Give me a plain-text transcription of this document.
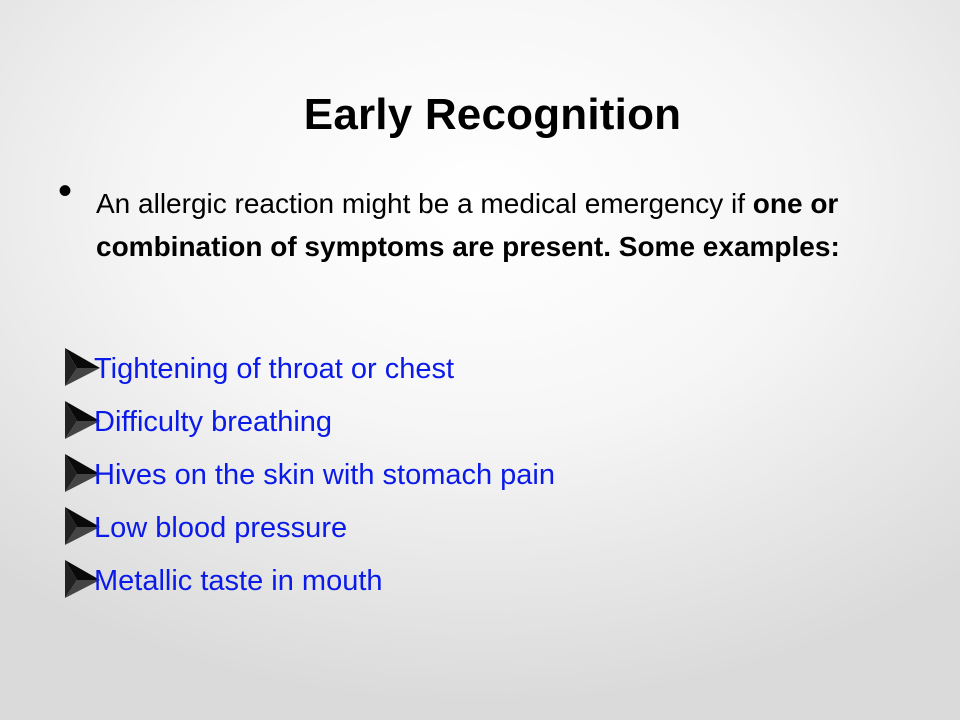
Early Recognition
• An allergic reaction might be a medical emergency if one or combination of symptoms are present. Some examples:
Tightening of throat or chest
Difficulty breathing
Hives on the skin with stomach pain
Low blood pressure
Metallic taste in mouth
